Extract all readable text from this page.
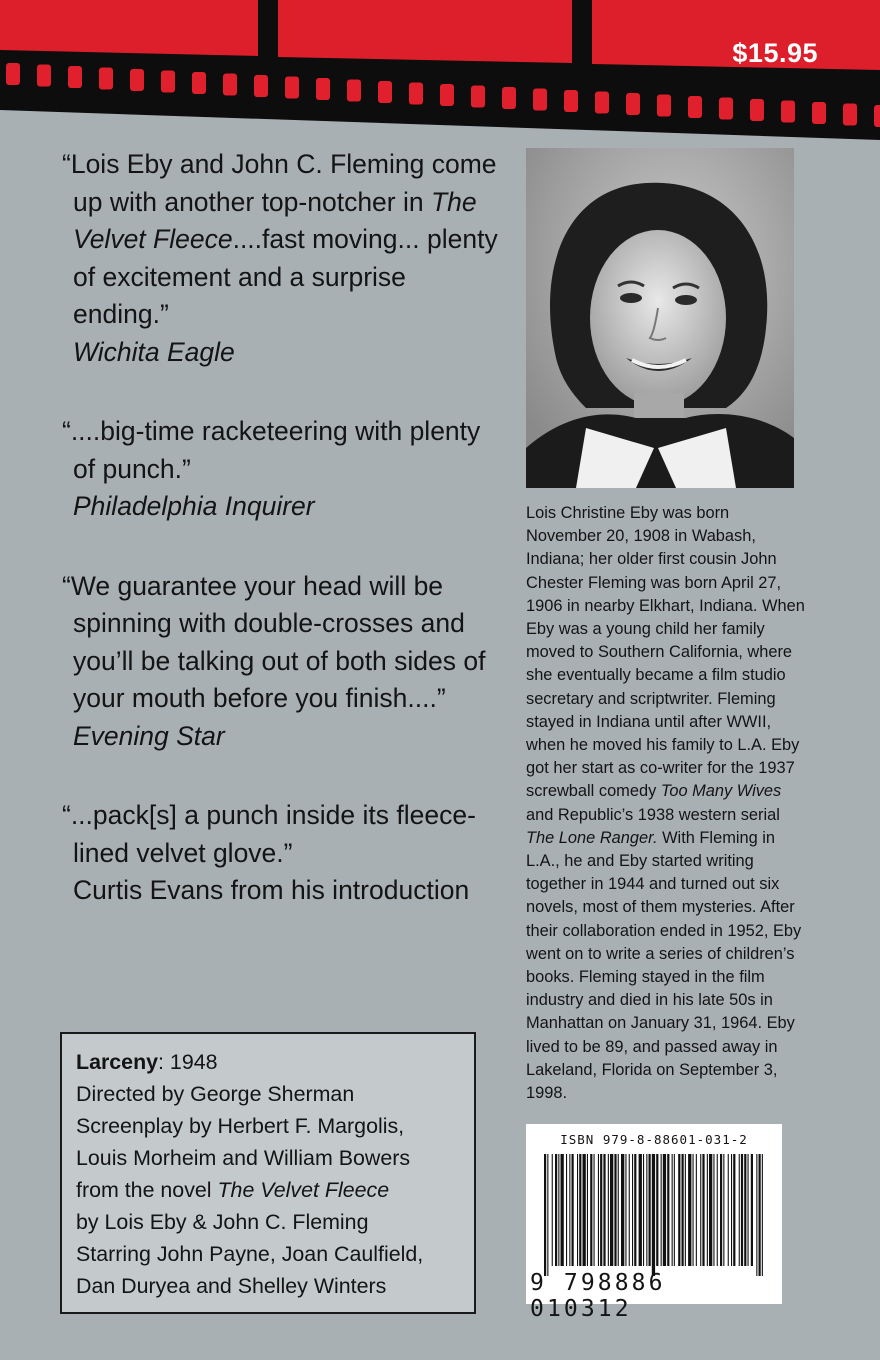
$15.95

“Lois Eby and John C. Fleming come up with another top-notcher in The Velvet Fleece....fast moving... plenty of excitement and a surprise ending.”

Wichita Eagle

“....big-time racketeering with plenty of punch.”

Philadelphia Inquirer

“We guarantee your head will be spinning with double-crosses and you’ll be talking out of both sides of your mouth before you finish....”

Evening Star

“...pack[s] a punch inside its fleece-lined velvet glove.”

Curtis Evans from his introduction

Lois Christine Eby was born November 20, 1908 in Wabash, Indiana; her older first cousin John Chester Fleming was born April 27, 1906 in nearby Elkhart, Indiana. When Eby was a young child her family moved to Southern California, where she eventually became a film studio secretary and scriptwriter. Fleming stayed in Indiana until after WWII, when he moved his family to L.A. Eby got her start as co-writer for the 1937 screwball comedy Too Many Wives and Republic’s 1938 western serial The Lone Ranger. With Fleming in L.A., he and Eby started writing together in 1944 and turned out six novels, most of them mysteries. After their collaboration ended in 1952, Eby went on to write a series of children’s books. Fleming stayed in the film industry and died in his late 50s in Manhattan on January 31, 1964. Eby lived to be 89, and passed away in Lakeland, Florida on September 3, 1998.

Larceny: 1948

Directed by George Sherman

Screenplay by Herbert F. Margolis,

Louis Morheim and William Bowers

from the novel The Velvet Fleece

by Lois Eby & John C. Fleming

Starring John Payne, Joan Caulfield,

Dan Duryea and Shelley Winters

ISBN 979-8-88601-031-2
9 798886 010312
